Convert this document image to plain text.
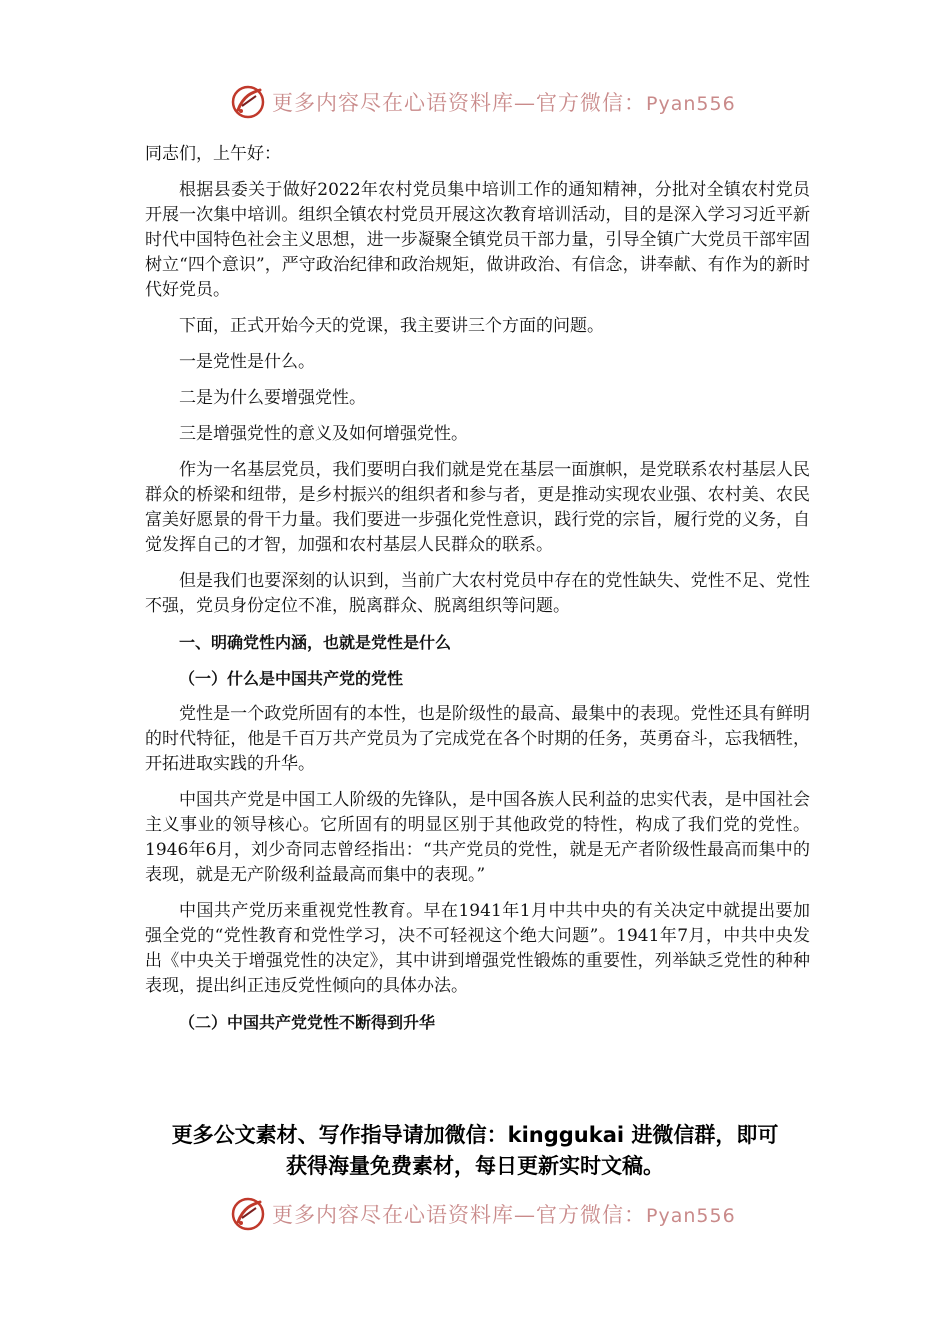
更多内容尽在心语资料库—官方微信：Pyan556

同志们，上午好：

根据县委关于做好2022年农村党员集中培训工作的通知精神，分批对全镇农村党员开展一次集中培训。组织全镇农村党员开展这次教育培训活动，目的是深入学习习近平新时代中国特色社会主义思想，进一步凝聚全镇党员干部力量，引导全镇广大党员干部牢固树立“四个意识”，严守政治纪律和政治规矩，做讲政治、有信念，讲奉献、有作为的新时代好党员。

下面，正式开始今天的党课，我主要讲三个方面的问题。

一是党性是什么。

二是为什么要增强党性。

三是增强党性的意义及如何增强党性。

作为一名基层党员，我们要明白我们就是党在基层一面旗帜，是党联系农村基层人民群众的桥梁和纽带，是乡村振兴的组织者和参与者，更是推动实现农业强、农村美、农民富美好愿景的骨干力量。我们要进一步强化党性意识，践行党的宗旨，履行党的义务，自觉发挥自己的才智，加强和农村基层人民群众的联系。

但是我们也要深刻的认识到，当前广大农村党员中存在的党性缺失、党性不足、党性不强，党员身份定位不准，脱离群众、脱离组织等问题。

一、明确党性内涵，也就是党性是什么

（一）什么是中国共产党的党性

党性是一个政党所固有的本性，也是阶级性的最高、最集中的表现。党性还具有鲜明的时代特征，他是千百万共产党员为了完成党在各个时期的任务，英勇奋斗，忘我牺牲，开拓进取实践的升华。

中国共产党是中国工人阶级的先锋队，是中国各族人民利益的忠实代表，是中国社会主义事业的领导核心。它所固有的明显区别于其他政党的特性，构成了我们党的党性。1946年6月，刘少奇同志曾经指出：“共产党员的党性，就是无产者阶级性最高而集中的表现，就是无产阶级利益最高而集中的表现。”

中国共产党历来重视党性教育。早在1941年1月中共中央的有关决定中就提出要加强全党的“党性教育和党性学习，决不可轻视这个绝大问题”。1941年7月，中共中央发出《中央关于增强党性的决定》，其中讲到增强党性锻炼的重要性，列举缺乏党性的种种表现，提出纠正违反党性倾向的具体办法。

（二）中国共产党党性不断得到升华

更多公文素材、写作指导请加微信：kinggukai 进微信群，即可
获得海量免费素材，每日更新实时文稿。
更多内容尽在心语资料库—官方微信：Pyan556
